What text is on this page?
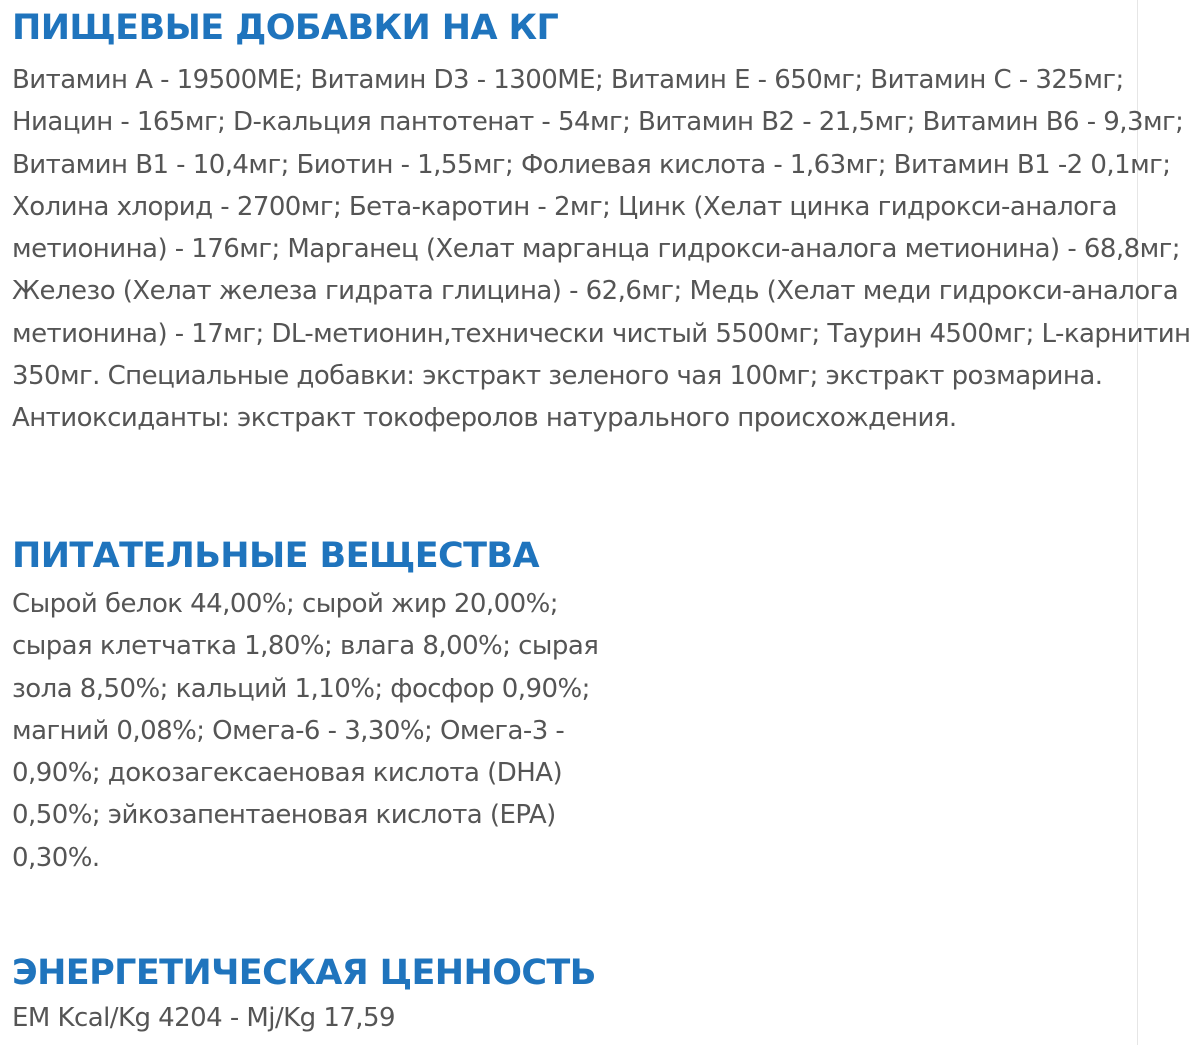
ПИЩЕВЫЕ ДОБАВКИ НА КГ

Витамин A - 19500МЕ; Витамин D3 - 1300МЕ; Витамин E - 650мг; Витамин С - 325мг; Ниацин - 165мг; D-кальция пантотенат - 54мг; Витамин В2 - 21,5мг; Витамин В6 - 9,3мг; Витамин В1 - 10,4мг; Биотин - 1,55мг; Фолиевая кислота - 1,63мг; Витамин В1 -2 0,1мг; Холина хлорид - 2700мг; Бета-каротин - 2мг; Цинк (Хелат цинка гидрокси-аналога метионина) - 176мг; Марганец (Хелат марганца гидрокси-аналога метионина) - 68,8мг; Железо (Хелат железа гидрата глицина) - 62,6мг; Медь (Хелат меди гидрокси-аналога метионина) - 17мг; DL-метионин,технически чистый 5500мг; Таурин 4500мг; L-карнитин 350мг. Специальные добавки: экстракт зеленого чая 100мг; экстракт розмарина. Антиоксиданты: экстракт токоферолов натурального происхождения.

ПИТАТЕЛЬНЫЕ ВЕЩЕСТВА

Сырой белок 44,00%; сырой жир 20,00%; сырая клетчатка 1,80%; влага 8,00%; сырая зола 8,50%; кальций 1,10%; фосфор 0,90%; магний 0,08%; Омега-6 - 3,30%; Омега-3 - 0,90%; докозагексаеновая кислота (DHA) 0,50%; эйкозапентаеновая кислота (EPA) 0,30%.

ЭНЕРГЕТИЧЕСКАЯ ЦЕННОСТЬ

EM Kcal/Kg 4204 - Mj/Kg 17,59
